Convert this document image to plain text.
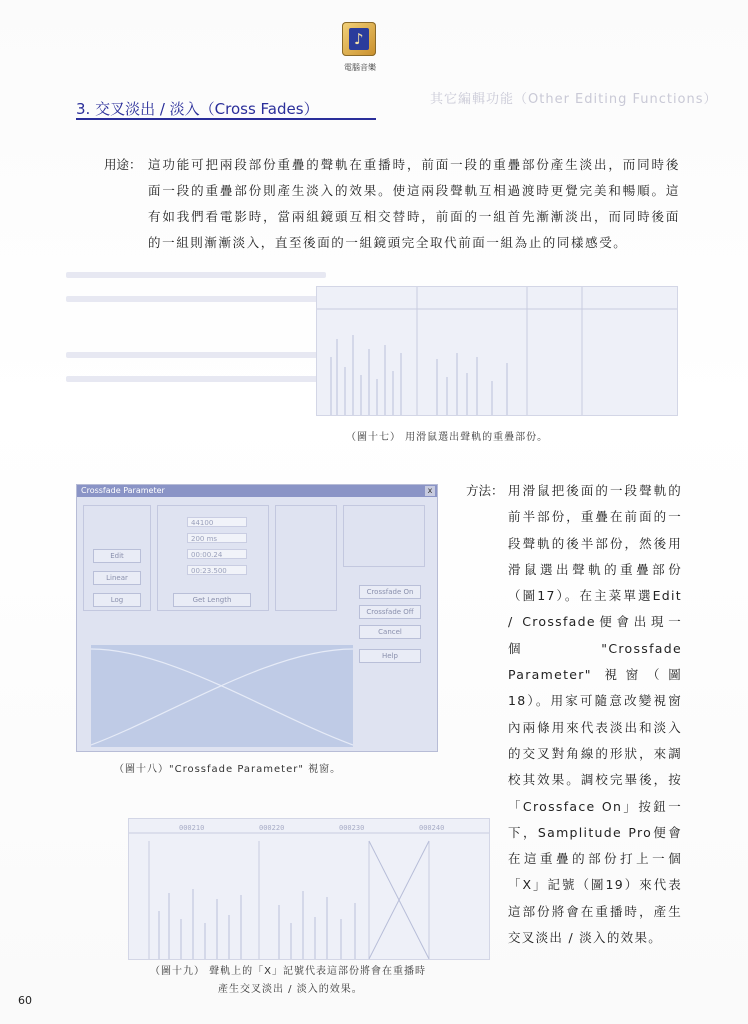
♪
電腦音樂
其它編輯功能（Other Editing Functions）
3. 交叉淡出 / 淡入（Cross Fades）
用途： 這功能可把兩段部份重疊的聲軌在重播時，前面一段的重疊部份產生淡出，而同時後面一段的重疊部份則產生淡入的效果。使這兩段聲軌互相過渡時更覺完美和暢順。這有如我們看電影時，當兩組鏡頭互相交替時，前面的一組首先漸漸淡出，而同時後面的一組則漸漸淡入，直至後面的一組鏡頭完全取代前面一組為止的同樣感受。
（圖十七） 用滑鼠選出聲軌的重疊部份。
Crossfade Parameter	x
44100
200 ms
00:00.24
00:23.500
Edit
Linear
Log	Get Length
Crossfade On
Crossfade Off
Cancel
Help
（圖十八）"Crossfade Parameter" 視窗。
方法： 用滑鼠把後面的一段聲軌的前半部份，重疊在前面的一段聲軌的後半部份，然後用滑鼠選出聲軌的重疊部份（圖17）。在主菜單選Edit / Crossfade便會出現一個"Crossfade Parameter" 視窗（圖18）。用家可隨意改變視窗內兩條用來代表淡出和淡入的交叉對角線的形狀，來調校其效果。調校完畢後，按「Crossface On」按鈕一下，Samplitude Pro便會在這重疊的部份打上一個「X」記號（圖19）來代表這部份將會在重播時，產生交叉淡出 / 淡入的效果。
000210	000220	000230	000240
（圖十九） 聲軌上的「X」記號代表這部份將會在重播時
產生交叉淡出 / 淡入的效果。
60
